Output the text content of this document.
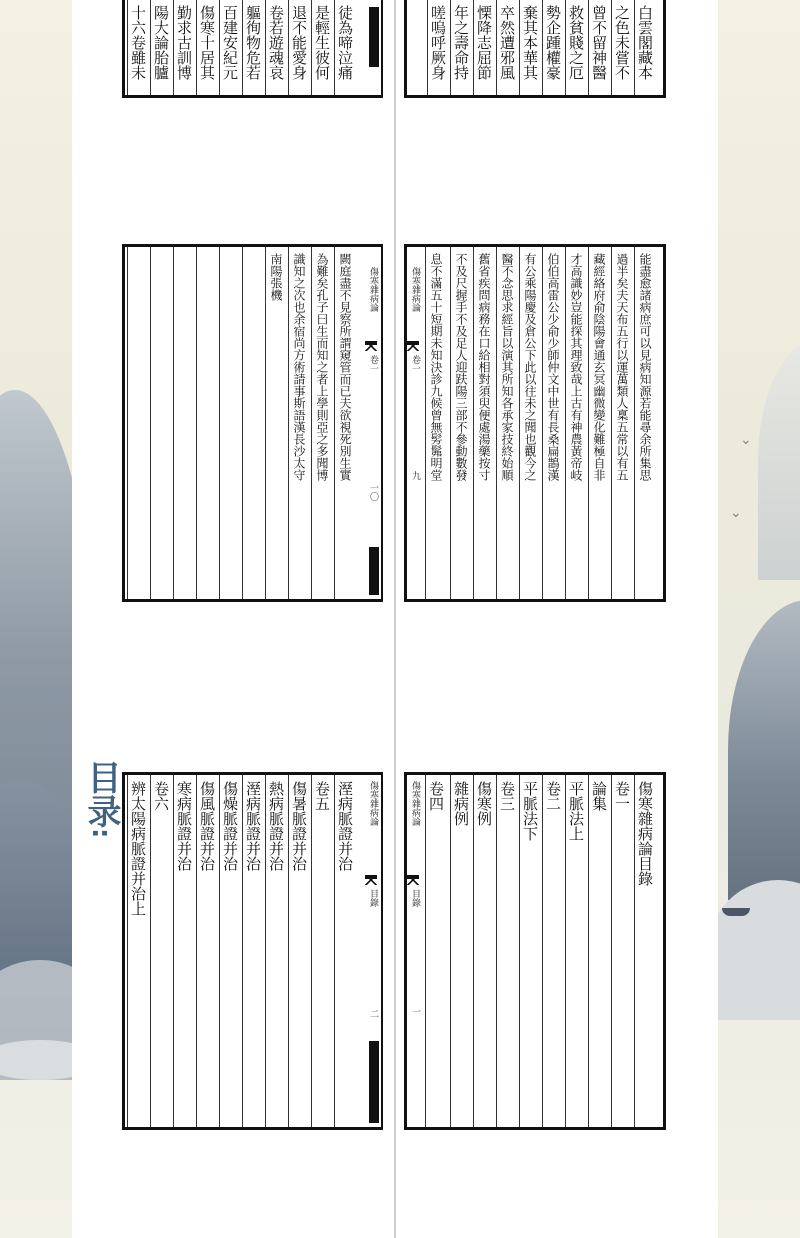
⌄
⌄
目录:
徒為啼泣痛
是輕生彼何
退不能愛身
卷若遊魂哀
軀徇物危若
百建安紀元
傷寒十居其
勤求古訓博
陽大論胎臚
十六卷雖未	白雲閣藏本
之色未嘗不
曾不留神醫
救貧賤之厄
勢企踵權豪
棄其本華其
卒然遭邪風
慄降志屈節
年之壽命持
嗟嗚呼厥身
闕庭盡不見察所謂窺管而已夫欲視死別生實
為難矣孔子曰生而知之者上學則亞之多聞博
識知之次也余宿尚方術請事斯語漢長沙太守
南陽張機	傷寒雜病論
卷一
一〇
能盡愈諸病庶可以見病知源若能尋余所集思
過半矣夫天布五行以運萬類人稟五常以有五
藏經絡府俞陰陽會通玄冥幽微變化難極自非
才高識妙豈能探其理致哉上古有神農黃帝岐
伯伯高雷公少俞少師仲文中世有長桑扁鵲漢
有公乘陽慶及倉公下此以往未之聞也觀今之
醫不念思求經旨以演其所知各承家技終始順
舊省疾問病務在口給相對須臾便處湯藥按寸
不及尺握手不及足人迎趺陽三部不參動數發
息不滿五十短期未知決診九候曾無髣髴明堂
傷寒雜病論
卷一
九
溼病脈證并治
卷五
傷暑脈證并治
熱病脈證并治
溼病脈證并治
傷燥脈證并治
傷風脈證并治
寒病脈證并治
卷六
辨太陽病脈證并治上	傷寒雜病論
目錄
二
傷寒雜病論目錄
卷一
論集
平脈法上
卷二
平脈法下
卷三
傷寒例
雜病例
卷四
傷寒雜病論
目錄
一
